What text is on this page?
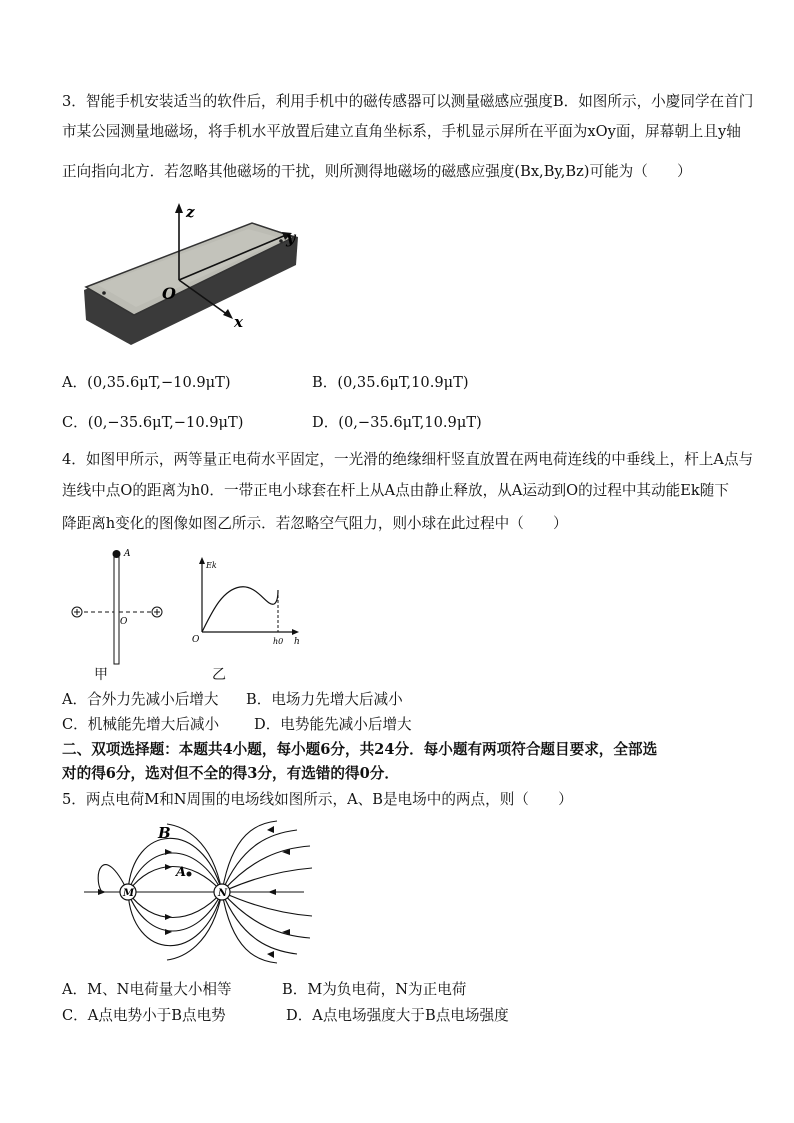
3．智能手机安装适当的软件后，利用手机中的磁传感器可以测量磁感应强度B．如图所示，小慶同学在首门
市某公园测量地磁场，将手机水平放置后建立直角坐标系，手机显示屏所在平面为xOy面，屏幕朝上且y轴
正向指向北方．若忽略其他磁场的干扰，则所测得地磁场的磁感应强度(Bx,By,Bz)可能为（　　）
z
y
x
O
A．(0,35.6μT,−10.9μT)	B．(0,35.6μT,10.9μT)
C．(0,−35.6μT,−10.9μT)	D．(0,−35.6μT,10.9μT)
4．如图甲所示，两等量正电荷水平固定，一光滑的绝缘细杆竖直放置在两电荷连线的中垂线上，杆上A点与
连线中点O的距离为h0．一带正电小球套在杆上从A点由静止释放，从A运动到O的过程中其动能Ek随下
降距离h变化的图像如图乙所示．若忽略空气阻力，则小球在此过程中（　　）
A
O
Ek
h
O	h0
甲	乙
A．合外力先减小后增大 B．电场力先增大后减小
C．机械能先增大后减小 D．电势能先减小后增大
二、双项选择题：本题共4小题，每小题6分，共24分．每小题有两项符合题目要求，全部选
对的得6分，选对但不全的得3分，有选错的得0分．
5．两点电荷M和N周围的电场线如图所示，A、B是电场中的两点，则（　　）
M	N
B
A
A．M、N电荷量大小相等	B．M为负电荷，N为正电荷
C．A点电势小于B点电势	D．A点电场强度大于B点电场强度
